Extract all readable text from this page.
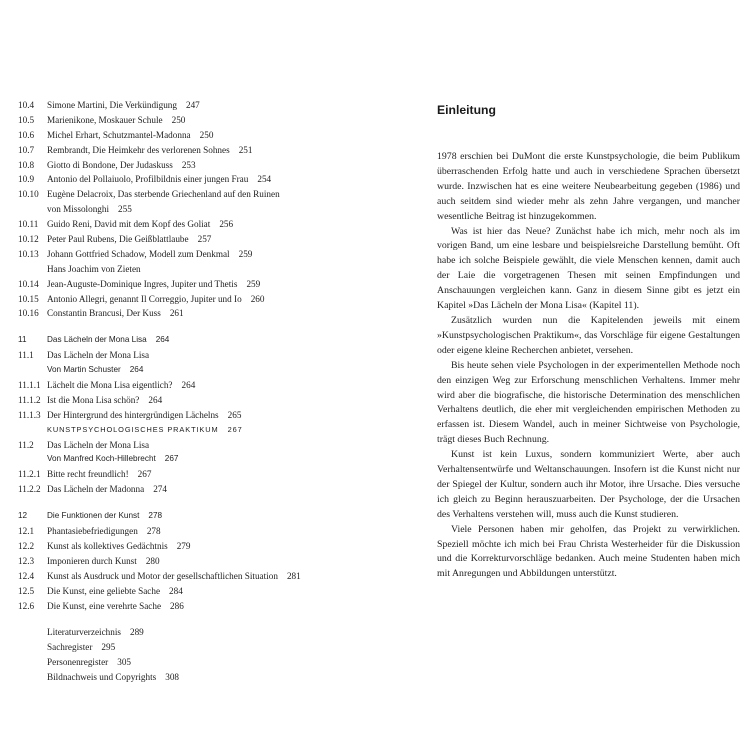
10.4 Simone Martini, Die Verkündigung 247
10.5 Marienikone, Moskauer Schule 250
10.6 Michel Erhart, Schutzmantel-Madonna 250
10.7 Rembrandt, Die Heimkehr des verlorenen Sohnes 251
10.8 Giotto di Bondone, Der Judaskuss 253
10.9 Antonio del Pollaiuolo, Profilbildnis einer jungen Frau 254
10.10 Eugène Delacroix, Das sterbende Griechenland auf den Ruinen
von Missolonghi 255
10.11 Guido Reni, David mit dem Kopf des Goliat 256
10.12 Peter Paul Rubens, Die Geißblattlaube 257
10.13 Johann Gottfried Schadow, Modell zum Denkmal 259
Hans Joachim von Zieten
10.14 Jean-Auguste-Dominique Ingres, Jupiter und Thetis 259
10.15 Antonio Allegri, genannt Il Correggio, Jupiter und Io 260
10.16 Constantin Brancusi, Der Kuss 261
11	Das Lächeln der Mona Lisa 264
11.1 Das Lächeln der Mona Lisa
Von Martin Schuster 264
11.1.1 Lächelt die Mona Lisa eigentlich? 264
11.1.2 Ist die Mona Lisa schön? 264
11.1.3 Der Hintergrund des hintergründigen Lächelns 265
KUNSTPSYCHOLOGISCHES PRAKTIKUM 267
11.2 Das Lächeln der Mona Lisa
Von Manfred Koch-Hillebrecht 267
11.2.1 Bitte recht freundlich! 267
11.2.2 Das Lächeln der Madonna 274
12 Die Funktionen der Kunst 278
12.1 Phantasiebefriedigungen 278
12.2 Kunst als kollektives Gedächtnis 279
12.3 Imponieren durch Kunst 280
12.4 Kunst als Ausdruck und Motor der gesellschaftlichen Situation 281
12.5 Die Kunst, eine geliebte Sache 284
12.6 Die Kunst, eine verehrte Sache 286
Literaturverzeichnis 289
Sachregister 295
Personenregister 305
Bildnachweis und Copyrights 308
Einleitung

1978 erschien bei DuMont die erste Kunstpsychologie, die beim Publikum überraschenden Erfolg hatte und auch in verschiedene Sprachen übersetzt wurde. Inzwischen hat es eine weitere Neubearbeitung gegeben (1986) und auch seitdem sind wieder mehr als zehn Jahre vergangen, und mancher wesentliche Beitrag ist hinzugekommen.

Was ist hier das Neue? Zunächst habe ich mich, mehr noch als im vorigen Band, um eine lesbare und beispielsreiche Darstellung bemüht. Oft habe ich solche Beispiele gewählt, die viele Menschen kennen, damit auch der Laie die vorgetragenen Thesen mit seinen Empfindungen und Anschauungen vergleichen kann. Ganz in diesem Sinne gibt es jetzt ein Kapitel »Das Lächeln der Mona Lisa« (Kapitel 11).

Zusätzlich wurden nun die Kapitelenden jeweils mit einem »Kunstpsychologischen Praktikum«, das Vorschläge für eigene Gestaltungen oder eigene kleine Recherchen anbietet, versehen.

Bis heute sehen viele Psychologen in der experimentellen Methode noch den einzigen Weg zur Erforschung menschlichen Verhaltens. Immer mehr wird aber die biografische, die historische Determination des menschlichen Verhaltens deutlich, die eher mit vergleichenden empirischen Methoden zu erfassen ist. Diesem Wandel, auch in meiner Sichtweise von Psychologie, trägt dieses Buch Rechnung.

Kunst ist kein Luxus, sondern kommuniziert Werte, aber auch Verhaltensentwürfe und Weltanschauungen. Insofern ist die Kunst nicht nur der Spiegel der Kultur, sondern auch ihr Motor, ihre Ursache. Dies versuche ich gleich zu Beginn herauszuarbeiten. Der Psychologe, der die Ursachen des Verhaltens verstehen will, muss auch die Kunst studieren.

Viele Personen haben mir geholfen, das Projekt zu verwirklichen. Speziell möchte ich mich bei Frau Christa Westerheider für die Diskussion und die Korrekturvorschläge bedanken. Auch meine Studenten haben mich mit Anregungen und Abbildungen unterstützt.
